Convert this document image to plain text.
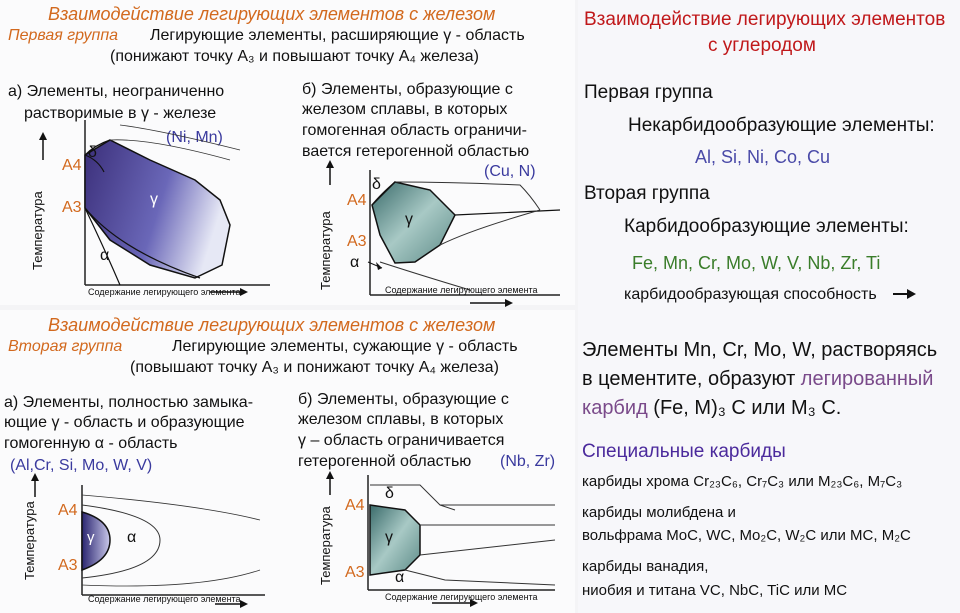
Взаимодействие легирующих элементов с железом
Первая группа Легирующие элементы, расширяющие γ - область
(понижают точку A₃ и повышают точку A₄ железа)
а) Элементы, неограниченно
растворимые в γ - железе
(Ni, Mn)
б) Элементы, образующие с
железом сплавы, в которых
гомогенная область ограничи-
вается гетерогенной областью
(Cu, N)
Температура
A4
A3
δ
γ
α
Содержание легирующего элемента
Температура
A4
A3
δ
γ
α
Содержание легирующего элемента
Взаимодействие легирующих элементов с железом
Вторая группа	Легирующие элементы, сужающие γ - область
(повышают точку A₃ и понижают точку A₄ железа)
а) Элементы, полностью замыка-
ющие γ - область и образующие
гомогенную α - область
(Al,Cr, Si, Mo, W, V)
б) Элементы, образующие с
железом сплавы, в которых
γ – область ограничивается
гетерогенной областью (Nb, Zr)
Температура A4
A3
γ α
Содержание легирующего элемента
Температура
A4
A3
δ
γ
α
Содержание легирующего элемента
Взаимодействие легирующих элементов
с углеродом
Первая группа
Некарбидообразующие элементы:
Al, Si, Ni, Co, Cu
Вторая группа
Карбидообразующие элементы:
Fe, Mn, Cr, Mo, W, V, Nb, Zr, Ti
карбидообразующая способность
Элементы Mn, Cr, Mo, W, растворяясь
в цементите, образуют легированный
карбид (Fe, M)₃ С или M₃ С.
Специальные карбиды
карбиды хрома Cr₂₃C₆, Cr₇C₃ или M₂₃C₆, M₇C₃
карбиды молибдена и
вольфрама MoC, WC, Mo₂C, W₂C или MC, M₂C
карбиды ванадия,
ниобия и титана VC, NbC, TiC или MC
